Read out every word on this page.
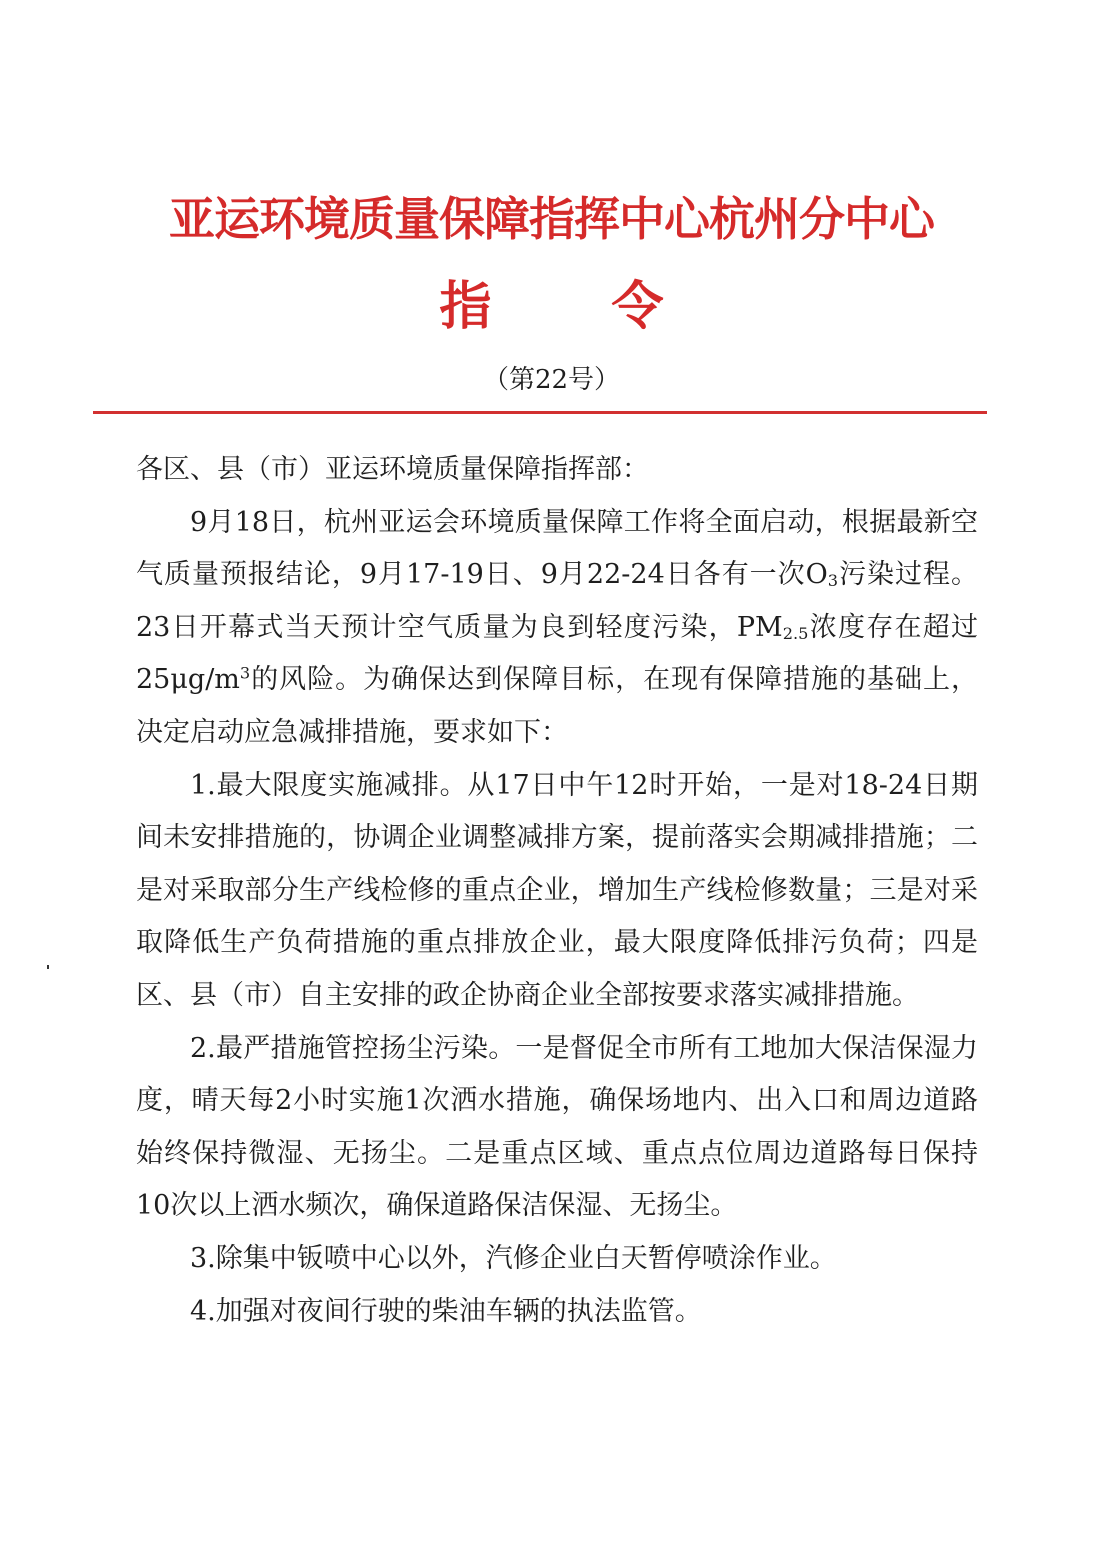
亚运环境质量保障指挥中心杭州分中心
指令
（第22号）

各区、县（市）亚运环境质量保障指挥部：

9月18日，杭州亚运会环境质量保障工作将全面启动，根据最新空气质量预报结论，9月17-19日、9月22-24日各有一次$O_3$污染过程。23日开幕式当天预计空气质量为良到轻度污染，$PM_{2.5}$浓度存在超过$25\mu g/m^3$的风险。为确保达到保障目标，在现有保障措施的基础上，决定启动应急减排措施，要求如下：

1.最大限度实施减排。从17日中午12时开始，一是对18-24日期间未安排措施的，协调企业调整减排方案，提前落实会期减排措施；二是对采取部分生产线检修的重点企业，增加生产线检修数量；三是对采取降低生产负荷措施的重点排放企业，最大限度降低排污负荷；四是区、县（市）自主安排的政企协商企业全部按要求落实减排措施。

2.最严措施管控扬尘污染。一是督促全市所有工地加大保洁保湿力度，晴天每2小时实施1次洒水措施，确保场地内、出入口和周边道路始终保持微湿、无扬尘。二是重点区域、重点点位周边道路每日保持10次以上洒水频次，确保道路保洁保湿、无扬尘。

3.除集中钣喷中心以外，汽修企业白天暂停喷涂作业。

4.加强对夜间行驶的柴油车辆的执法监管。
